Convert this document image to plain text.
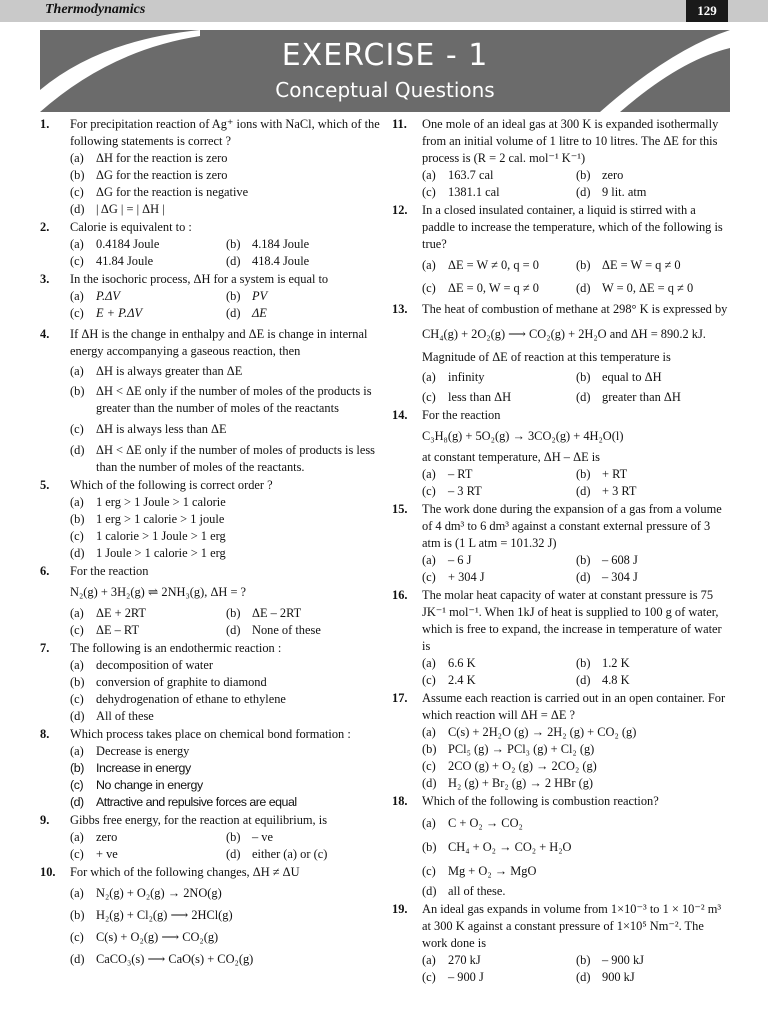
Thermodynamics	129
EXERCISE - 1
Conceptual Questions
1. For precipitation reaction of Ag⁺ ions with NaCl, which of the following statements is correct ?
(a) ΔH for the reaction is zero
(b) ΔG for the reaction is zero
(c) ΔG for the reaction is negative
(d) | ΔG | = | ΔH |
2. Calorie is equivalent to :
(a) 0.4184 Joule	(b) 4.184 Joule
(c) 41.84 Joule	(d) 418.4 Joule
3. In the isochoric process, ΔH for a system is equal to
(a) P.ΔV	(b) PV
(c) E + P.ΔV	(d) ΔE
4. If ΔH is the change in enthalpy and ΔE is change in internal energy accompanying a gaseous reaction, then
(a) ΔH is always greater than ΔE
(b) ΔH < ΔE only if the number of moles of the products is greater than the number of moles of the reactants
(c) ΔH is always less than ΔE
(d) ΔH < ΔE only if the number of moles of products is less than the number of moles of the reactants.
5. Which of the following is correct order ?
(a) 1 erg > 1 Joule > 1 calorie
(b) 1 erg > 1 calorie > 1 joule
(c) 1 calorie > 1 Joule > 1 erg
(d) 1 Joule > 1 calorie > 1 erg
6. For the reaction
N₂(g) + 3H₂(g) ⇌ 2NH₃(g), ΔH = ?
(a) ΔE + 2RT	(b) ΔE – 2RT
(c) ΔE – RT	(d) None of these
7. The following is an endothermic reaction :
(a) decomposition of water
(b) conversion of graphite to diamond
(c) dehydrogenation of ethane to ethylene
(d) All of these
8. Which process takes place on chemical bond formation :
(a) Decrease is energy
(b) Increase in energy
(c) No change in energy
(d) Attractive and repulsive forces are equal
9. Gibbs free energy, for the reaction at equilibrium, is
(a) zero	(b) – ve
(c) + ve	(d) either (a) or (c)
10. For which of the following changes, ΔH ≠ ΔU
(a) N₂(g) + O₂(g) → 2NO(g)
(b) H₂(g) + Cl₂(g) ⟶ 2HCl(g)
(c) C(s) + O₂(g) ⟶ CO₂(g)
(d) CaCO₃(s) ⟶ CaO(s) + CO₂(g)
11. One mole of an ideal gas at 300 K is expanded isothermally from an initial volume of 1 litre to 10 litres. The ΔE for this process is (R = 2 cal. mol⁻¹ K⁻¹)
(a) 163.7 cal	(b) zero
(c) 1381.1 cal	(d) 9 lit. atm
12. In a closed insulated container, a liquid is stirred with a paddle to increase the temperature, which of the following is true?
(a) ΔE = W ≠ 0, q = 0	(b) ΔE = W = q ≠ 0
(c) ΔE = 0, W = q ≠ 0	(d) W = 0, ΔE = q ≠ 0
13. The heat of combustion of methane at 298° K is expressed by
CH₄(g) + 2O₂(g) ⟶ CO₂(g) + 2H₂O and ΔH = 890.2 kJ.
Magnitude of ΔE of reaction at this temperature is
(a) infinity	(b) equal to ΔH
(c) less than ΔH	(d) greater than ΔH
14. For the reaction
C₃H₈(g) + 5O₂(g) → 3CO₂(g) + 4H₂O(l)
at constant temperature, ΔH – ΔE is
(a) – RT	(b) + RT
(c) – 3 RT	(d) + 3 RT
15. The work done during the expansion of a gas from a volume of 4 dm³ to 6 dm³ against a constant external pressure of 3 atm is (1 L atm = 101.32 J)
(a) – 6 J	(b) – 608 J
(c) + 304 J	(d) – 304 J
16. The molar heat capacity of water at constant pressure is 75 JK⁻¹ mol⁻¹. When 1kJ of heat is supplied to 100 g of water, which is free to expand, the increase in temperature of water is
(a) 6.6 K	(b) 1.2 K
(c) 2.4 K	(d) 4.8 K
17. Assume each reaction is carried out in an open container. For which reaction will ΔH = ΔE ?
(a) C(s) + 2H₂O (g) → 2H₂ (g) + CO₂ (g)
(b) PCl₅ (g) → PCl₃ (g) + Cl₂ (g)
(c) 2CO (g) + O₂ (g) → 2CO₂ (g)
(d) H₂ (g) + Br₂ (g) → 2 HBr (g)
18. Which of the following is combustion reaction?
(a) C + O₂ → CO₂
(b) CH₄ + O₂ → CO₂ + H₂O
(c) Mg + O₂ → MgO
(d) all of these.
19. An ideal gas expands in volume from 1×10⁻³ to 1 × 10⁻² m³ at 300 K against a constant pressure of 1×10⁵ Nm⁻². The work done is
(a) 270 kJ	(b) – 900 kJ
(c) – 900 J	(d) 900 kJ
